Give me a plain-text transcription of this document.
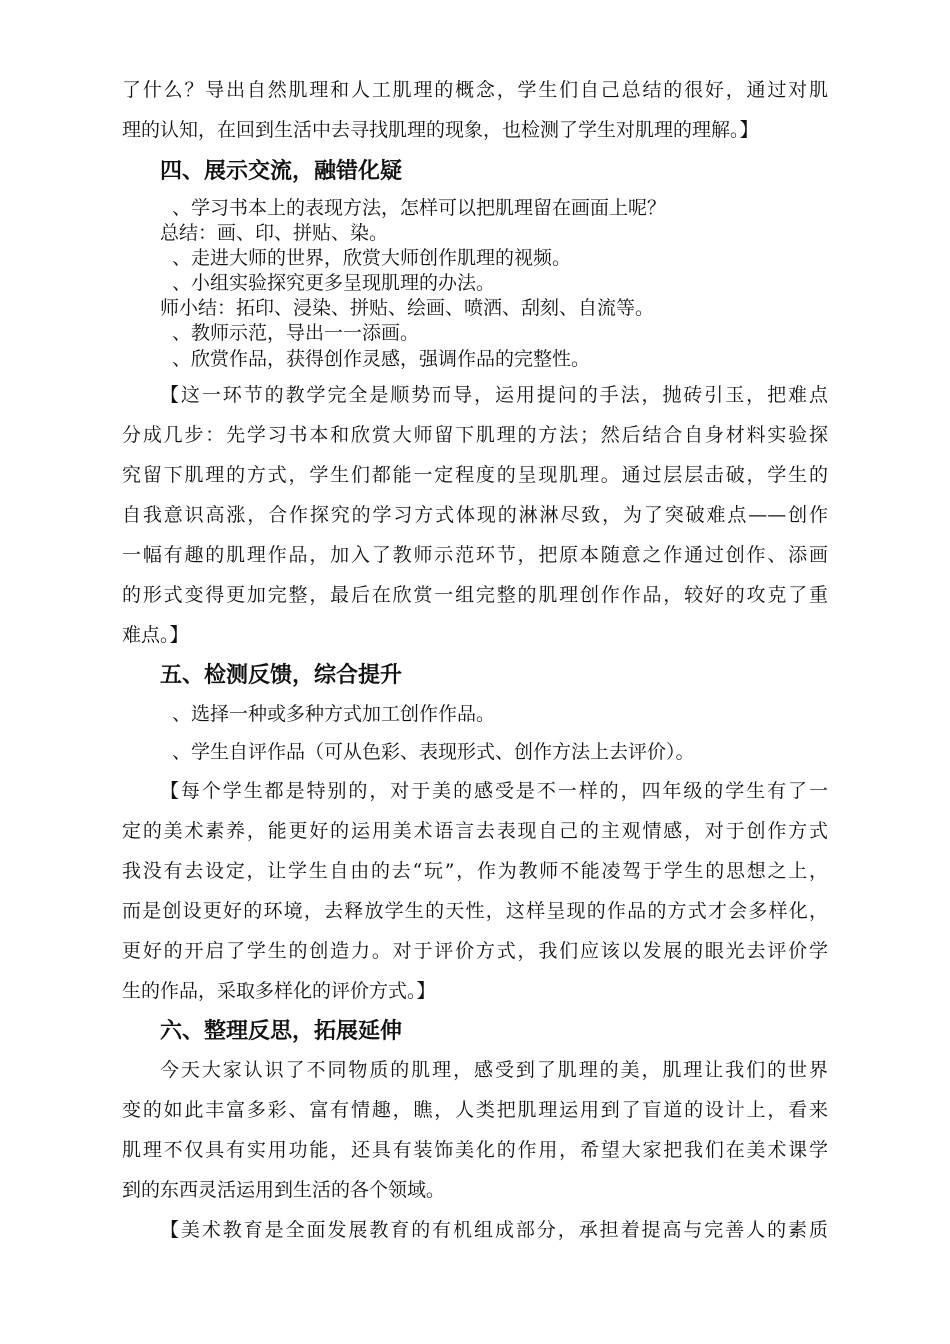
了什么？导出自然肌理和人工肌理的概念，学生们自己总结的很好，通过对肌
理的认知，在回到生活中去寻找肌理的现象，也检测了学生对肌理的理解。】
四、展示交流，融错化疑
、学习书本上的表现方法，怎样可以把肌理留在画面上呢？
总结：画、印、拼贴、染。
、走进大师的世界，欣赏大师创作肌理的视频。
、小组实验探究更多呈现肌理的办法。
师小结：拓印、浸染、拼贴、绘画、喷洒、刮刻、自流等。
、教师示范，导出一一添画。
、欣赏作品，获得创作灵感，强调作品的完整性。
【这一环节的教学完全是顺势而导，运用提问的手法，抛砖引玉，把难点
分成几步：先学习书本和欣赏大师留下肌理的方法；然后结合自身材料实验探
究留下肌理的方式，学生们都能一定程度的呈现肌理。通过层层击破，学生的
自我意识高涨，合作探究的学习方式体现的淋淋尽致，为了突破难点——创作
一幅有趣的肌理作品，加入了教师示范环节，把原本随意之作通过创作、添画
的形式变得更加完整，最后在欣赏一组完整的肌理创作作品，较好的攻克了重
难点。】
五、检测反馈，综合提升
、选择一种或多种方式加工创作作品。
、学生自评作品（可从色彩、表现形式、创作方法上去评价）。
【每个学生都是特别的，对于美的感受是不一样的，四年级的学生有了一
定的美术素养，能更好的运用美术语言去表现自己的主观情感，对于创作方式
我没有去设定，让学生自由的去“玩”，作为教师不能凌驾于学生的思想之上，
而是创设更好的环境，去释放学生的天性，这样呈现的作品的方式才会多样化，
更好的开启了学生的创造力。对于评价方式，我们应该以发展的眼光去评价学
生的作品，采取多样化的评价方式。】
六、整理反思，拓展延伸
今天大家认识了不同物质的肌理，感受到了肌理的美，肌理让我们的世界
变的如此丰富多彩、富有情趣，瞧，人类把肌理运用到了盲道的设计上，看来
肌理不仅具有实用功能，还具有装饰美化的作用，希望大家把我们在美术课学
到的东西灵活运用到生活的各个领域。
【美术教育是全面发展教育的有机组成部分，承担着提高与完善人的素质
